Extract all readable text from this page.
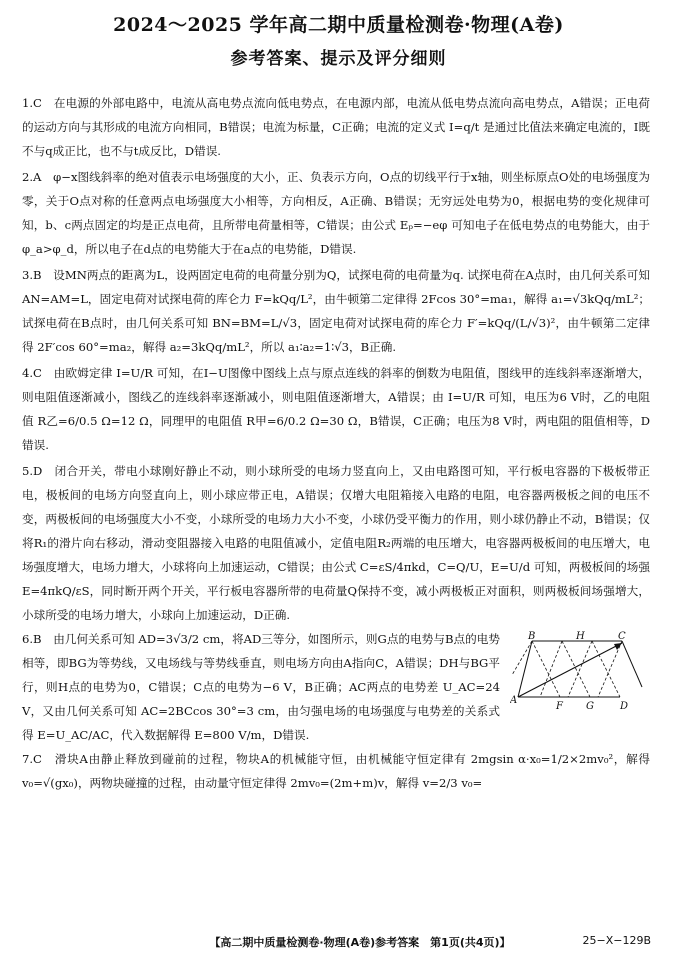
2024～2025 学年高二期中质量检测卷·物理(A卷)
参考答案、提示及评分细则

1.C　在电源的外部电路中，电流从高电势点流向低电势点，在电源内部，电流从低电势点流向高电势点，A错误；正电荷的运动方向与其形成的电流方向相同，B错误；电流为标量，C正确；电流的定义式 I=q/t 是通过比值法来确定电流的，I既不与q成正比，也不与t成反比，D错误.

2.A　φ−x图线斜率的绝对值表示电场强度的大小，正、负表示方向，O点的切线平行于x轴，则坐标原点O处的电场强度为零，关于O点对称的任意两点电场强度大小相等，方向相反，A正确、B错误；无穷远处电势为0，根据电势的变化规律可知，b、c两点固定的均是正点电荷，且所带电荷量相等，C错误；由公式 Eₚ=−eφ 可知电子在低电势点的电势能大，由于 φ_a>φ_d，所以电子在d点的电势能大于在a点的电势能，D错误.

3.B　设MN两点的距离为L，设两固定电荷的电荷量分别为Q，试探电荷的电荷量为q. 试探电荷在A点时，由几何关系可知 AN=AM=L，固定电荷对试探电荷的库仑力 F=kQq/L²，由牛顿第二定律得 2Fcos 30°=ma₁，解得 a₁=√3kQq/mL²；试探电荷在B点时，由几何关系可知 BN=BM=L/√3，固定电荷对试探电荷的库仑力 F′=kQq/(L/√3)²，由牛顿第二定律得 2F′cos 60°=ma₂，解得 a₂=3kQq/mL²，所以 a₁∶a₂=1∶√3，B正确.

4.C　由欧姆定律 I=U/R 可知，在I−U图像中图线上点与原点连线的斜率的倒数为电阻值，图线甲的连线斜率逐渐增大，则电阻值逐渐减小，图线乙的连线斜率逐渐减小，则电阻值逐渐增大，A错误；由 I=U/R 可知，电压为6 V时，乙的电阻值 R乙=6/0.5 Ω=12 Ω，同理甲的电阻值 R甲=6/0.2 Ω=30 Ω，B错误，C正确；电压为8 V时，两电阻的阻值相等，D错误.

5.D　闭合开关，带电小球刚好静止不动，则小球所受的电场力竖直向上，又由电路图可知，平行板电容器的下极板带正电，极板间的电场方向竖直向上，则小球应带正电，A错误；仅增大电阻箱接入电路的电阻，电容器两极板之间的电压不变，两极板间的电场强度大小不变，小球所受的电场力大小不变，小球仍受平衡力的作用，则小球仍静止不动，B错误；仅将R₁的滑片向右移动，滑动变阻器接入电路的电阻值减小，定值电阻R₂两端的电压增大，电容器两极板间的电压增大，电场强度增大，电场力增大，小球将向上加速运动，C错误；由公式 C=εS/4πkd，C=Q/U，E=U/d 可知，两极板间的场强 E=4πkQ/εS，同时断开两个开关，平行板电容器所带的电荷量Q保持不变，减小两极板正对面积，则两极板间场强增大，小球所受的电场力增大，小球向上加速运动，D正确.

6.B　由几何关系可知 AD=3√3/2 cm，将AD三等分，如图所示，则G点的电势与B点的电势相等，即BG为等势线，又电场线与等势线垂直，则电场方向由A指向C，A错误；DH与BG平行，则H点的电势为0，C错误；C点的电势为−6 V，B正确；AC两点的电势差 U_AC=24 V，又由几何关系可知 AC=2BCcos 30°=3 cm，由匀强电场的电场强度与电势差的关系式得 E=U_AC/AC，代入数据解得 E=800 V/m，D错误.

B	H	C
A
F G	D

7.C　滑块A由静止释放到碰前的过程，物块A的机械能守恒，由机械能守恒定律有 2mgsin α·x₀=1/2×2mv₀²，解得 v₀=√(gx₀)，两物块碰撞的过程，由动量守恒定律得 2mv₀=(2m+m)v，解得 v=2/3 v₀=

【高二期中质量检测卷·物理(A卷)参考答案　第1页(共4页)】	25−X−129B
